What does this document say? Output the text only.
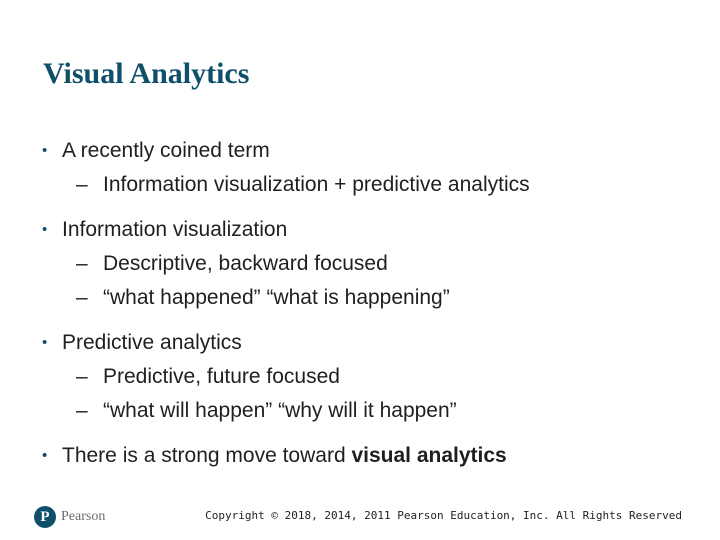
Visual Analytics
• A recently coined term
– Information visualization + predictive analytics
• Information visualization
– Descriptive, backward focused
– “what happened” “what is happening”
• Predictive analytics
– Predictive, future focused
– “what will happen” “why will it happen”
• There is a strong move toward visual analytics
P Pearson	Copyright © 2018, 2014, 2011 Pearson Education, Inc. All Rights Reserved
